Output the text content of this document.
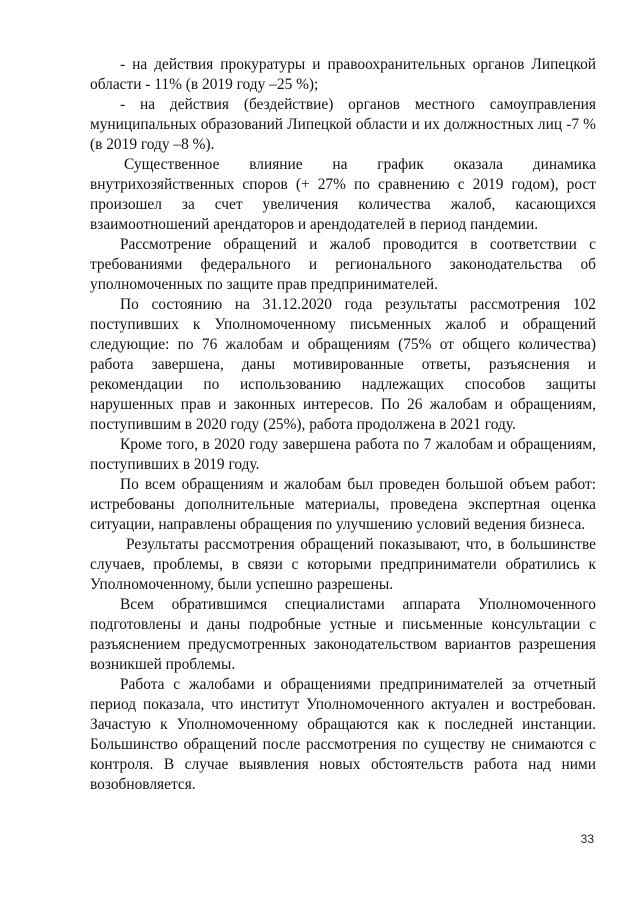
- на действия прокуратуры и правоохранительных органов Липецкой области - 11% (в 2019 году –25 %);

- на действия (бездействие) органов местного самоуправления муниципальных образований Липецкой области и их должностных лиц -7 % (в 2019 году –8 %).

Существенное влияние на график оказала динамика внутрихозяйственных споров (+ 27% по сравнению с 2019 годом), рост произошел за счет увеличения количества жалоб, касающихся взаимоотношений арендаторов и арендодателей в период пандемии.

Рассмотрение обращений и жалоб проводится в соответствии с требованиями федерального и регионального законодательства об уполномоченных по защите прав предпринимателей.

По состоянию на 31.12.2020 года результаты рассмотрения 102 поступивших к Уполномоченному письменных жалоб и обращений следующие: по 76 жалобам и обращениям (75% от общего количества) работа завершена, даны мотивированные ответы, разъяснения и рекомендации по использованию надлежащих способов защиты нарушенных прав и законных интересов. По 26 жалобам и обращениям, поступившим в 2020 году (25%), работа продолжена в 2021 году.

Кроме того, в 2020 году завершена работа по 7 жалобам и обращениям, поступивших в 2019 году.

По всем обращениям и жалобам был проведен большой объем работ: истребованы дополнительные материалы, проведена экспертная оценка ситуации, направлены обращения по улучшению условий ведения бизнеса.

Результаты рассмотрения обращений показывают, что, в большинстве случаев, проблемы, в связи с которыми предприниматели обратились к Уполномоченному, были успешно разрешены.

Всем обратившимся специалистами аппарата Уполномоченного подготовлены и даны подробные устные и письменные консультации с разъяснением предусмотренных законодательством вариантов разрешения возникшей проблемы.

Работа с жалобами и обращениями предпринимателей за отчетный период показала, что институт Уполномоченного актуален и востребован. Зачастую к Уполномоченному обращаются как к последней инстанции. Большинство обращений после рассмотрения по существу не снимаются с контроля. В случае выявления новых обстоятельств работа над ними возобновляется.

33
